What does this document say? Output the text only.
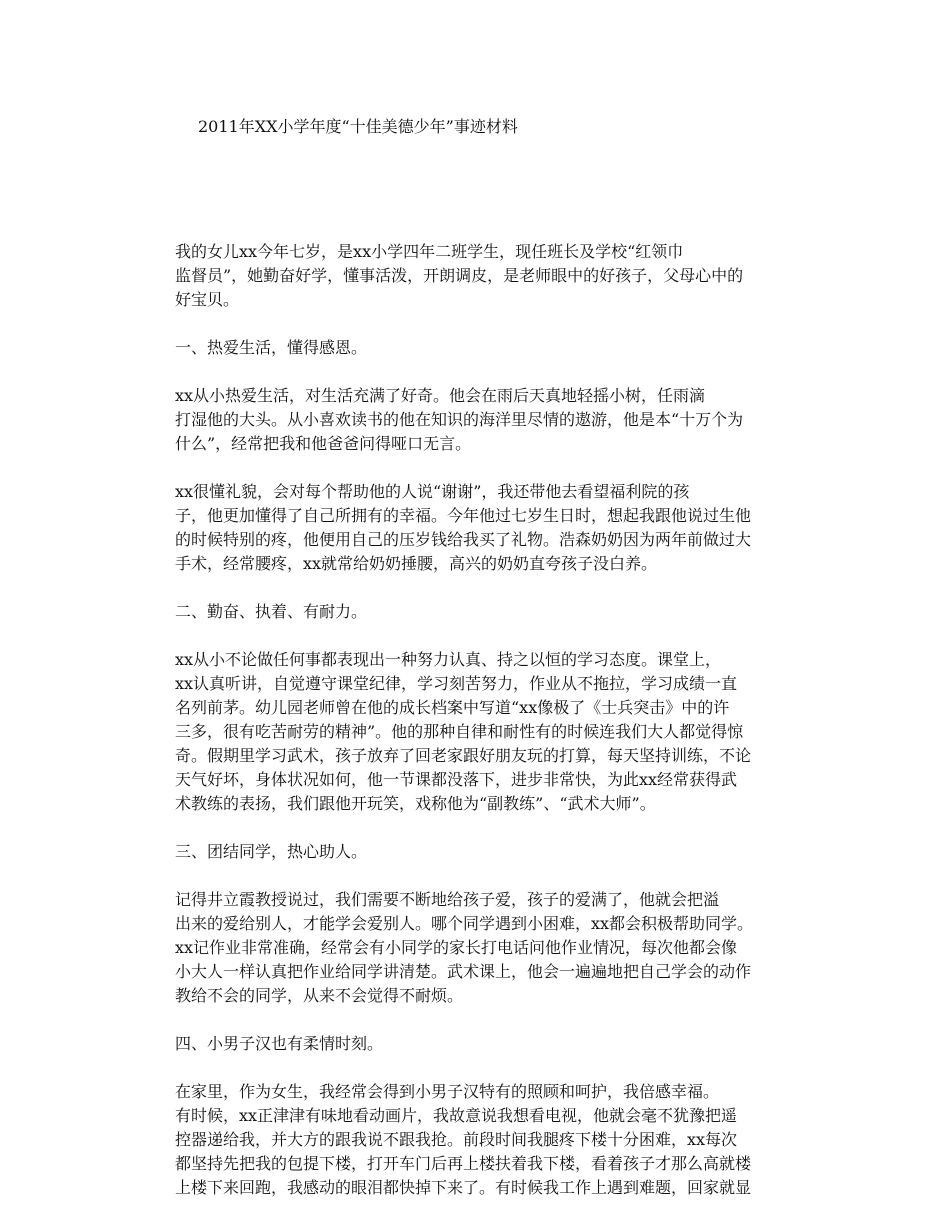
2011年XX小学年度“十佳美德少年”事迹材料

我的女儿xx今年七岁，是xx小学四年二班学生，现任班长及学校“红领巾
监督员”，她勤奋好学，懂事活泼，开朗调皮，是老师眼中的好孩子，父母心中的
好宝贝。

一、热爱生活，懂得感恩。

xx从小热爱生活，对生活充满了好奇。他会在雨后天真地轻摇小树，任雨滴
打湿他的大头。从小喜欢读书的他在知识的海洋里尽情的遨游，他是本“十万个为
什么”，经常把我和他爸爸问得哑口无言。

xx很懂礼貌，会对每个帮助他的人说“谢谢”，我还带他去看望福利院的孩
子，他更加懂得了自己所拥有的幸福。今年他过七岁生日时，想起我跟他说过生他
的时候特别的疼，他便用自己的压岁钱给我买了礼物。浩森奶奶因为两年前做过大
手术，经常腰疼，xx就常给奶奶捶腰，高兴的奶奶直夸孩子没白养。

二、勤奋、执着、有耐力。

xx从小不论做任何事都表现出一种努力认真、持之以恒的学习态度。课堂上，
xx认真听讲，自觉遵守课堂纪律，学习刻苦努力，作业从不拖拉，学习成绩一直
名列前茅。幼儿园老师曾在他的成长档案中写道“xx像极了《士兵突击》中的许
三多，很有吃苦耐劳的精神”。他的那种自律和耐性有的时候连我们大人都觉得惊
奇。假期里学习武术，孩子放弃了回老家跟好朋友玩的打算，每天坚持训练，不论
天气好坏，身体状况如何，他一节课都没落下，进步非常快，为此xx经常获得武
术教练的表扬，我们跟他开玩笑，戏称他为“副教练”、“武术大师”。

三、团结同学，热心助人。

记得井立霞教授说过，我们需要不断地给孩子爱，孩子的爱满了，他就会把溢
出来的爱给别人，才能学会爱别人。哪个同学遇到小困难，xx都会积极帮助同学。
xx记作业非常准确，经常会有小同学的家长打电话问他作业情况，每次他都会像
小大人一样认真把作业给同学讲清楚。武术课上，他会一遍遍地把自己学会的动作
教给不会的同学，从来不会觉得不耐烦。

四、小男子汉也有柔情时刻。

在家里，作为女生，我经常会得到小男子汉特有的照顾和呵护，我倍感幸福。
有时候，xx正津津有味地看动画片，我故意说我想看电视，他就会毫不犹豫把遥
控器递给我，并大方的跟我说不跟我抢。前段时间我腿疼下楼十分困难，xx每次
都坚持先把我的包提下楼，打开车门后再上楼扶着我下楼，看着孩子才那么高就楼
上楼下来回跑，我感动的眼泪都快掉下来了。有时候我工作上遇到难题，回家就显
